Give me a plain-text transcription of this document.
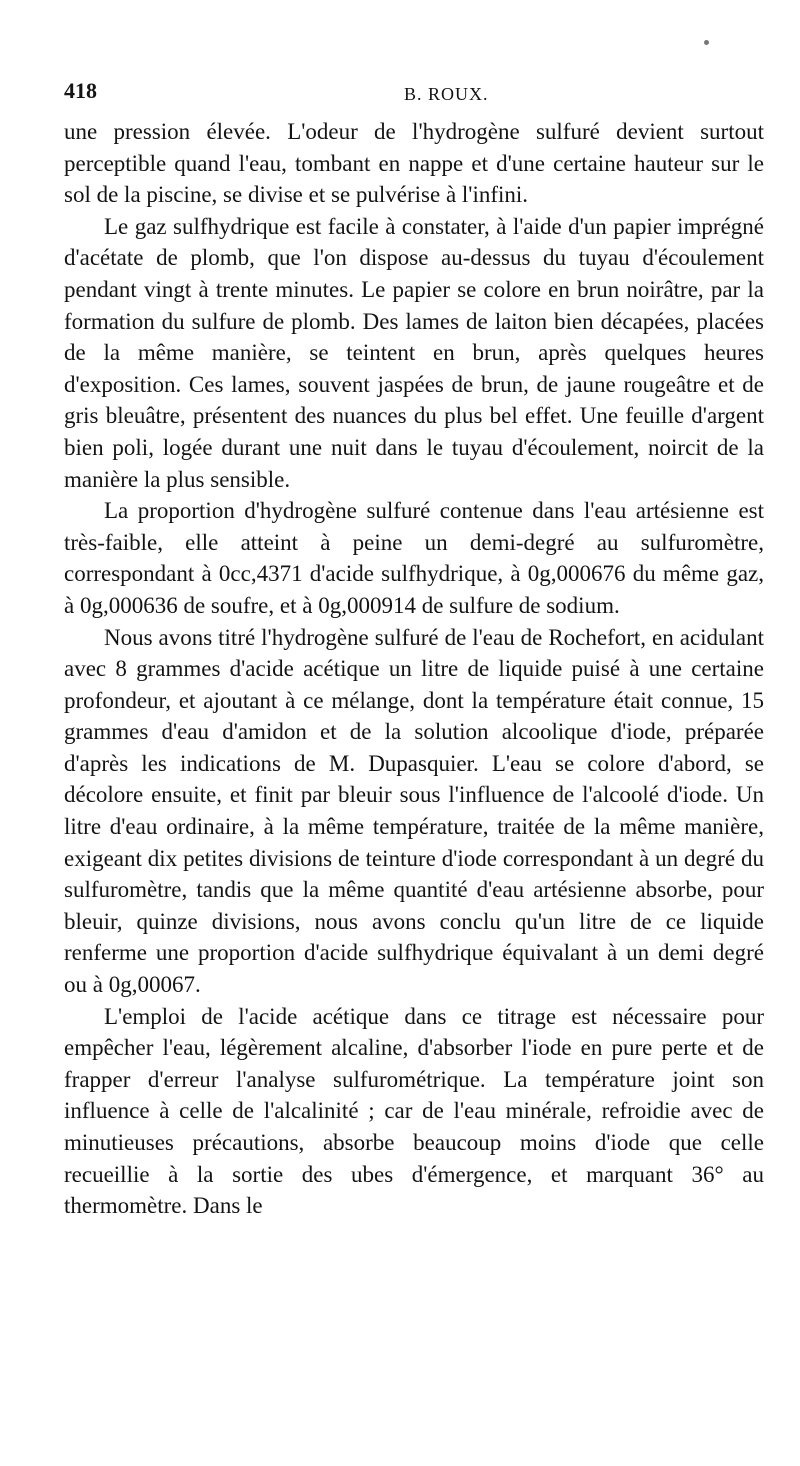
418	B. ROUX.

une pression élevée. L'odeur de l'hydrogène sulfuré devient surtout perceptible quand l'eau, tombant en nappe et d'une certaine hauteur sur le sol de la piscine, se divise et se pulvérise à l'infini.

Le gaz sulfhydrique est facile à constater, à l'aide d'un papier imprégné d'acétate de plomb, que l'on dispose au-dessus du tuyau d'écoulement pendant vingt à trente minutes. Le papier se colore en brun noirâtre, par la formation du sulfure de plomb. Des lames de laiton bien décapées, placées de la même manière, se teintent en brun, après quelques heures d'exposition. Ces lames, souvent jaspées de brun, de jaune rougeâtre et de gris bleuâtre, présentent des nuances du plus bel effet. Une feuille d'argent bien poli, logée durant une nuit dans le tuyau d'écoulement, noircit de la manière la plus sensible.

La proportion d'hydrogène sulfuré contenue dans l'eau artésienne est très-faible, elle atteint à peine un demi-degré au sulfuromètre, correspondant à 0cc,4371 d'acide sulfhydrique, à 0g,000676 du même gaz, à 0g,000636 de soufre, et à 0g,000914 de sulfure de sodium.

Nous avons titré l'hydrogène sulfuré de l'eau de Rochefort, en acidulant avec 8 grammes d'acide acétique un litre de liquide puisé à une certaine profondeur, et ajoutant à ce mélange, dont la température était connue, 15 grammes d'eau d'amidon et de la solution alcoolique d'iode, préparée d'après les indications de M. Dupasquier. L'eau se colore d'abord, se décolore ensuite, et finit par bleuir sous l'influence de l'alcoolé d'iode. Un litre d'eau ordinaire, à la même température, traitée de la même manière, exigeant dix petites divisions de teinture d'iode correspondant à un degré du sulfuromètre, tandis que la même quantité d'eau artésienne absorbe, pour bleuir, quinze divisions, nous avons conclu qu'un litre de ce liquide renferme une proportion d'acide sulfhydrique équivalant à un demi degré ou à 0g,00067.

L'emploi de l'acide acétique dans ce titrage est nécessaire pour empêcher l'eau, légèrement alcaline, d'absorber l'iode en pure perte et de frapper d'erreur l'analyse sulfurométrique. La température joint son influence à celle de l'alcalinité ; car de l'eau minérale, refroidie avec de minutieuses précautions, absorbe beaucoup moins d'iode que celle recueillie à la sortie des ubes d'émergence, et marquant 36° au thermomètre. Dans le
